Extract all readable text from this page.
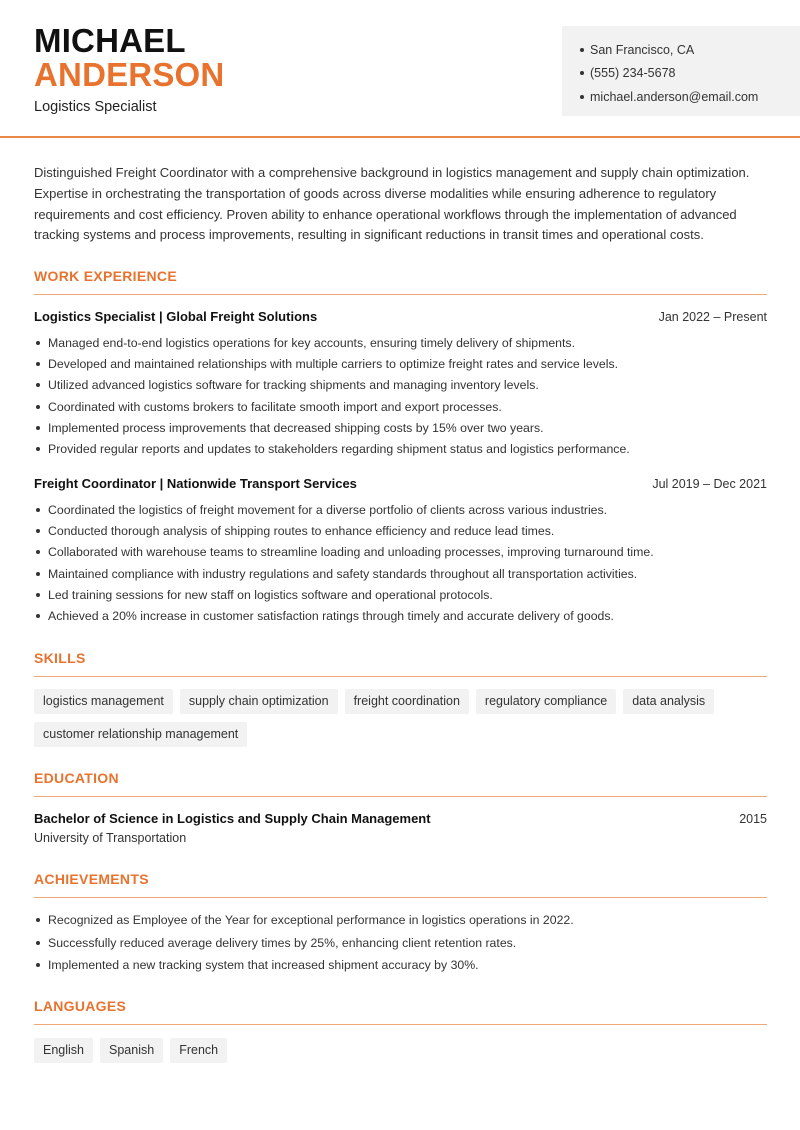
MICHAEL
ANDERSON
Logistics Specialist
San Francisco, CA
(555) 234-5678
michael.anderson@email.com

Distinguished Freight Coordinator with a comprehensive background in logistics management and supply chain optimization. Expertise in orchestrating the transportation of goods across diverse modalities while ensuring adherence to regulatory requirements and cost efficiency. Proven ability to enhance operational workflows through the implementation of advanced tracking systems and process improvements, resulting in significant reductions in transit times and operational costs.

WORK EXPERIENCE
Logistics Specialist | Global Freight Solutions	Jan 2022 – Present
Managed end-to-end logistics operations for key accounts, ensuring timely delivery of shipments.
Developed and maintained relationships with multiple carriers to optimize freight rates and service levels.
Utilized advanced logistics software for tracking shipments and managing inventory levels.
Coordinated with customs brokers to facilitate smooth import and export processes.
Implemented process improvements that decreased shipping costs by 15% over two years.
Provided regular reports and updates to stakeholders regarding shipment status and logistics performance.
Freight Coordinator | Nationwide Transport Services	Jul 2019 – Dec 2021
Coordinated the logistics of freight movement for a diverse portfolio of clients across various industries.
Conducted thorough analysis of shipping routes to enhance efficiency and reduce lead times.
Collaborated with warehouse teams to streamline loading and unloading processes, improving turnaround time.
Maintained compliance with industry regulations and safety standards throughout all transportation activities.
Led training sessions for new staff on logistics software and operational protocols.
Achieved a 20% increase in customer satisfaction ratings through timely and accurate delivery of goods.
SKILLS
logistics management	supply chain optimization	freight coordination	regulatory compliance	data analysis
customer relationship management
EDUCATION
Bachelor of Science in Logistics and Supply Chain Management	2015
University of Transportation
ACHIEVEMENTS
Recognized as Employee of the Year for exceptional performance in logistics operations in 2022.
Successfully reduced average delivery times by 25%, enhancing client retention rates.
Implemented a new tracking system that increased shipment accuracy by 30%.
LANGUAGES
English	Spanish	French
